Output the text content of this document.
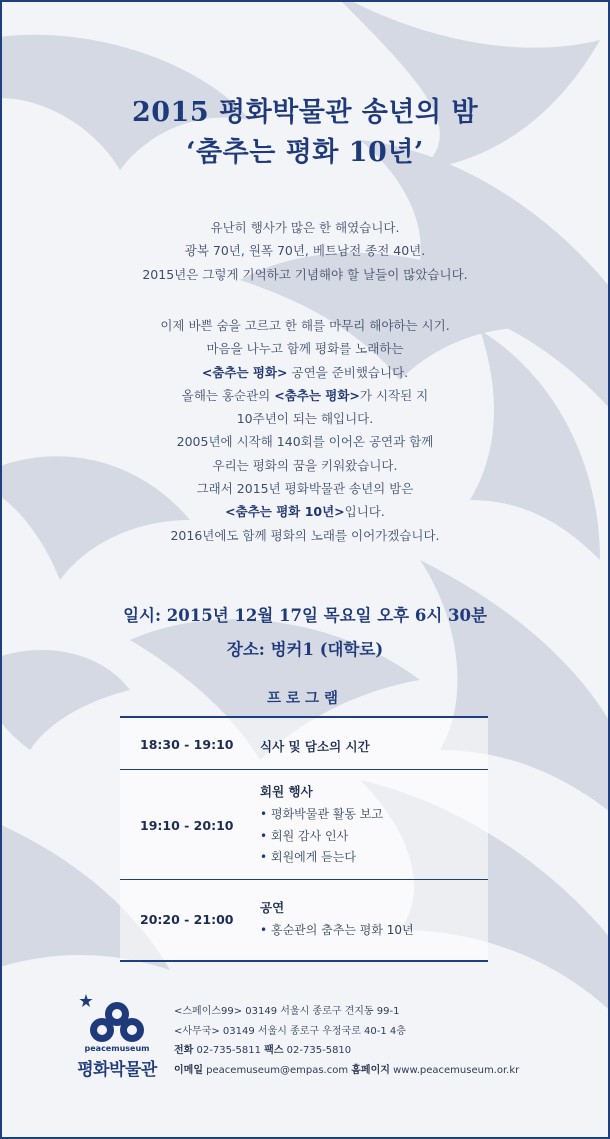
2015 평화박물관 송년의 밤
‘춤추는 평화 10년’
유난히 행사가 많은 한 해였습니다.
광복 70년, 원폭 70년, 베트남전 종전 40년.
2015년은 그렇게 기억하고 기념해야 할 날들이 많았습니다.
이제 바쁜 숨을 고르고 한 해를 마무리 해야하는 시기.
마음을 나누고 함께 평화를 노래하는
<춤추는 평화> 공연을 준비했습니다.
올해는 홍순관의 <춤추는 평화>가 시작된 지
10주년이 되는 해입니다.
2005년에 시작해 140회를 이어온 공연과 함께
우리는 평화의 꿈을 키워왔습니다.
그래서 2015년 평화박물관 송년의 밤은
<춤추는 평화 10년>입니다.
2016년에도 함께 평화의 노래를 이어가겠습니다.
일시: 2015년 12월 17일 목요일 오후 6시 30분
장소: 벙커1 (대학로)
프로그램
18:30 - 19:10	식사 및 담소의 시간
19:10 - 20:10
회원 행사
• 평화박물관 활동 보고
• 회원 감사 인사
• 회원에게 듣는다
20:20 - 21:00
공연
• 홍순관의 춤추는 평화 10년
peacemuseum
평화박물관
<스페이스99> 03149 서울시 종로구 견지동 99-1
<사무국> 03149 서울시 종로구 우정국로 40-1 4층
전화 02-735-5811 팩스 02-735-5810
이메일 peacemuseum@empas.com 홈페이지 www.peacemuseum.or.kr
